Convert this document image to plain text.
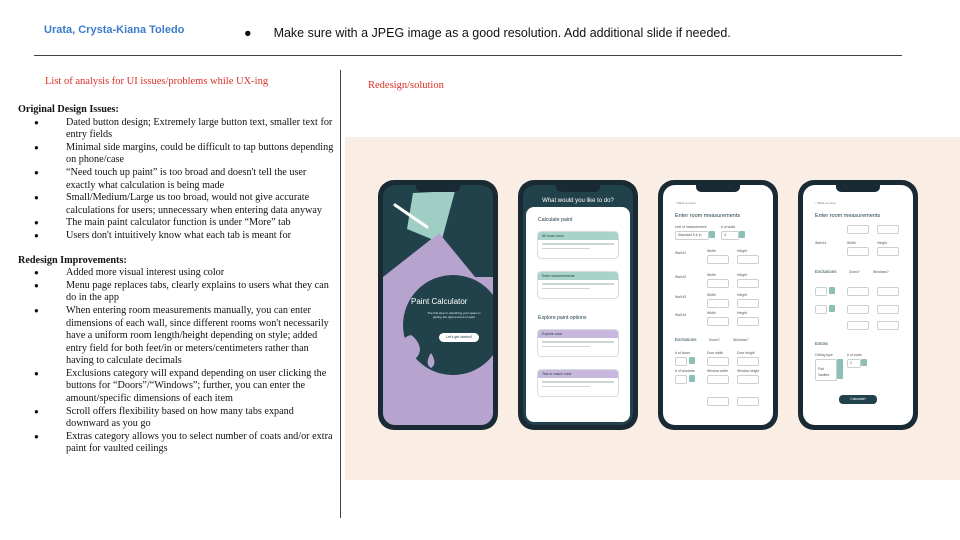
Urata, Crysta-Kiana Toledo	● Make sure with a JPEG image as a good resolution. Add additional slide if needed.
List of analysis for UI issues/problems while UX-ing
Original Design Issues:
● Dated button design; Extremely large button text, smaller text for entry fields
● Minimal side margins, could be difficult to tap buttons depending on phone/case
● “Need touch up paint” is too broad and doesn't tell the user exactly what calculation is being made
● Small/Medium/Large us too broad, would not give accurate calculations for users; unnecessary when entering data anyway
● The main paint calculator function is under “More” tab
● Users don't intuitively know what each tab is meant for
Redesign Improvements:
● Added more visual interest using color
● Menu page replaces tabs, clearly explains to users what they can do in the app
● When entering room measurements manually, you can enter dimensions of each wall, since different rooms won't necessarily have a uniform room length/height depending on style; added entry field for both feet/in or meters/centimeters rather than having to calculate decimals
● Exclusions category will expand depending on user clicking the buttons for “Doors”/“Windows”; further, you can enter the amount/specific dimensions of each item
● Scroll offers flexibility based on how many tabs expand downward as you go
● Extras category allows you to select number of coats and/or extra paint for vaulted ceilings
Redesign/solution
Paint Calculator
The first step in refreshing your space is getting the right amount of paint
Let's get started!
What would you like to do?
Calculate paint
All room room
Enter measurements
Explore paint options
Explore color
Test or match color
< Back to menu
Enter room measurements
Unit of measurement
Standard ft & in
# of walls
4
Wall #1	Width	Height
Wall #2	Width	Height
Wall #3	Width	Height
Wall #4	Width	Height
Exclusions	Doors?	Windows?
# of doors	Door width	Door height
# of windows	Window width	Window height
< Back to menu
Enter room measurements
Wall #4	Width	Height
Exclusions	Doors?	Windows?
Extras
Ceiling type	# of coats
Flat
Vaulted
2
Calculate!
